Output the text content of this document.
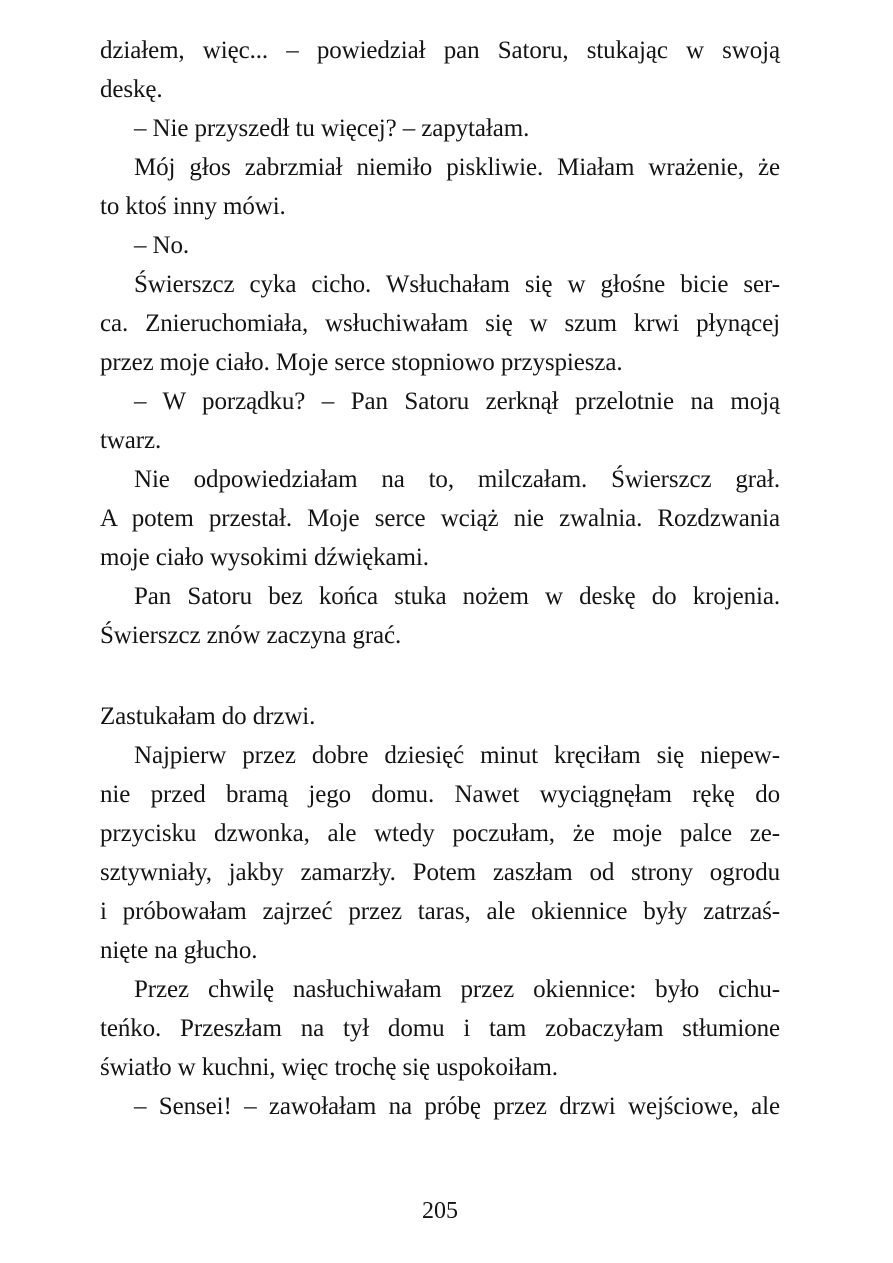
działem, więc... – powiedział pan Satoru, stukając w swoją
deskę.
– Nie przyszedł tu więcej? – zapytałam.
Mój głos zabrzmiał niemiło piskliwie. Miałam wrażenie, że
to ktoś inny mówi.
– No.
Świerszcz cyka cicho. Wsłuchałam się w głośne bicie ser-
ca. Znieruchomiała, wsłuchiwałam się w szum krwi płynącej
przez moje ciało. Moje serce stopniowo przyspiesza.
– W porządku? – Pan Satoru zerknął przelotnie na moją
twarz.
Nie odpowiedziałam na to, milczałam. Świerszcz grał.
A potem przestał. Moje serce wciąż nie zwalnia. Rozdzwania
moje ciało wysokimi dźwiękami.
Pan Satoru bez końca stuka nożem w deskę do krojenia.
Świerszcz znów zaczyna grać.
Zastukałam do drzwi.
Najpierw przez dobre dziesięć minut kręciłam się niepew-
nie przed bramą jego domu. Nawet wyciągnęłam rękę do
przycisku dzwonka, ale wtedy poczułam, że moje palce ze-
sztywniały, jakby zamarzły. Potem zaszłam od strony ogrodu
i próbowałam zajrzeć przez taras, ale okiennice były zatrzaś-
nięte na głucho.
Przez chwilę nasłuchiwałam przez okiennice: było cichu-
teńko. Przeszłam na tył domu i tam zobaczyłam stłumione
światło w kuchni, więc trochę się uspokoiłam.
– Sensei! – zawołałam na próbę przez drzwi wejściowe, ale
205
